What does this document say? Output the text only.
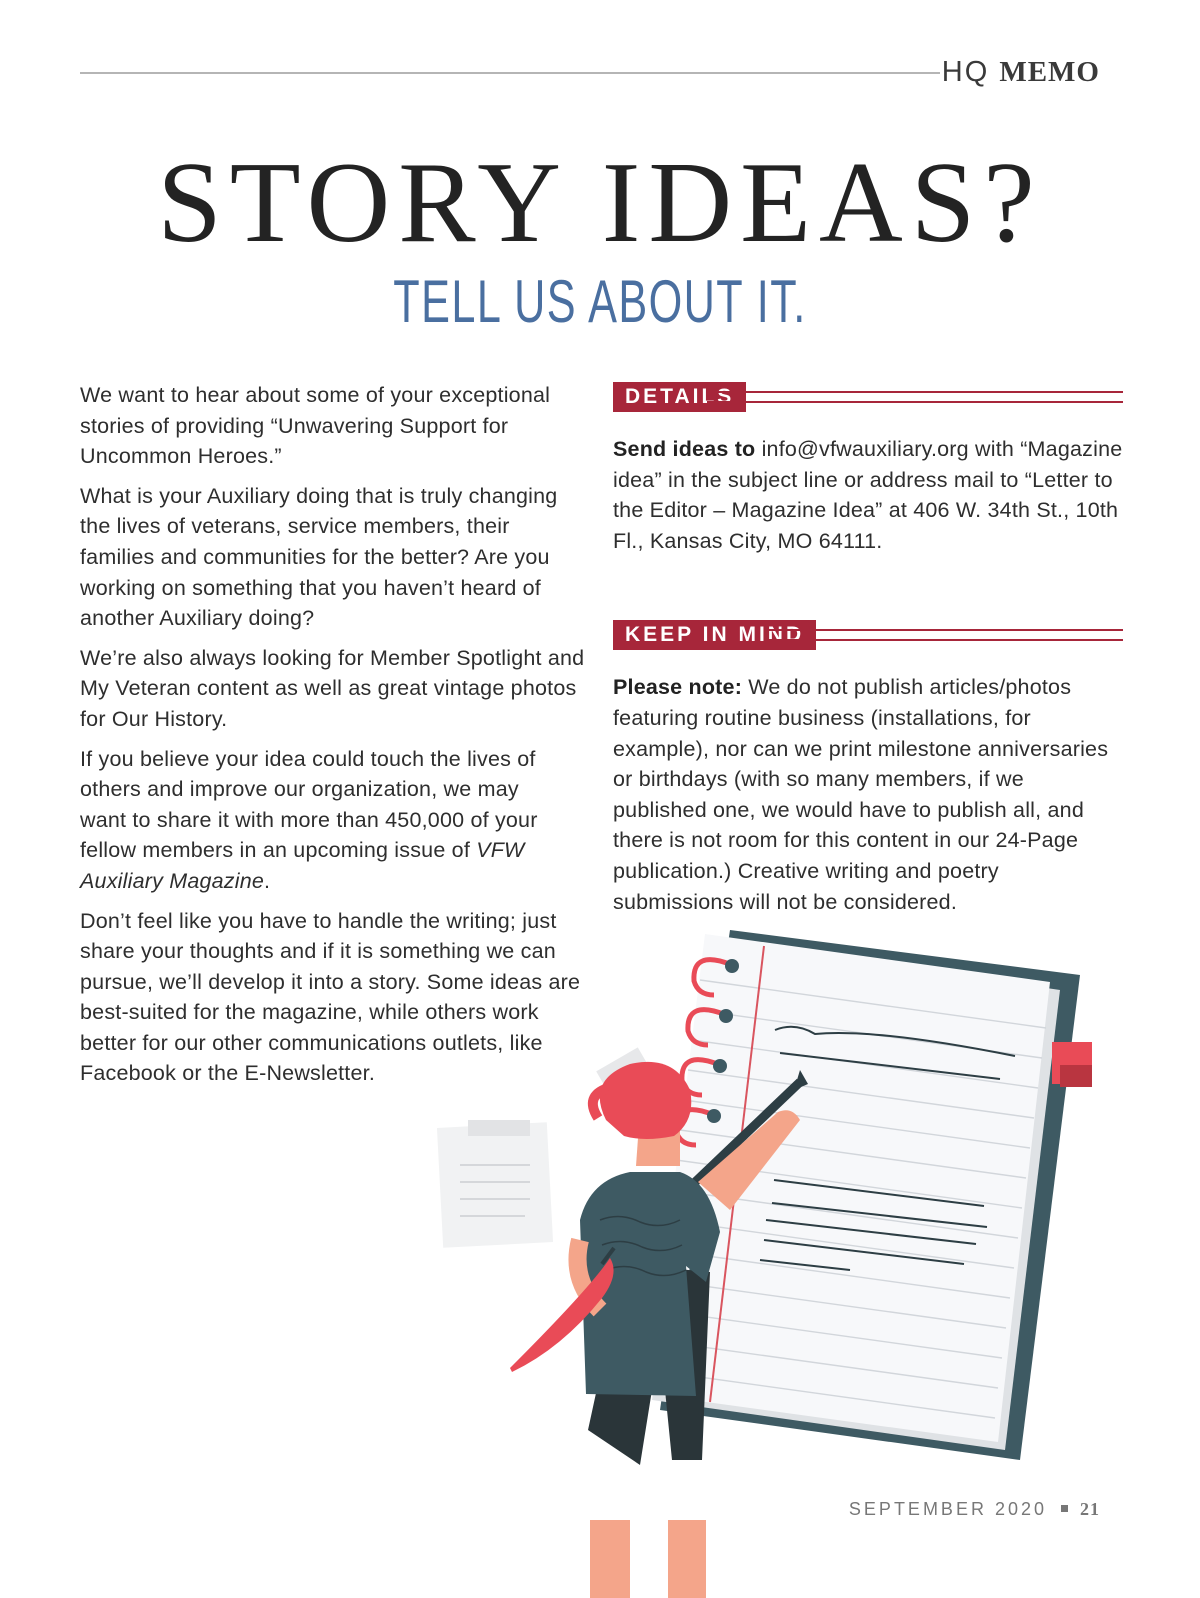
HQ MEMO
STORY IDEAS?
TELL US ABOUT IT.

We want to hear about some of your exceptional stories of providing “Unwavering Support for Uncommon Heroes.”

What is your Auxiliary doing that is truly changing the lives of veterans, service members, their families and communities for the better? Are you working on something that you haven’t heard of another Auxiliary doing?

We’re also always looking for Member Spotlight and My Veteran content as well as great vintage photos for Our History.

If you believe your idea could touch the lives of others and improve our organization, we may want to share it with more than 450,000 of your fellow members in an upcoming issue of VFW Auxiliary Magazine.

Don’t feel like you have to handle the writing; just share your thoughts and if it is something we can pursue, we’ll develop it into a story. Some ideas are best-suited for the magazine, while others work better for our other communications outlets, like Facebook or the E-Newsletter.

DETAILS

Send ideas to info@vfwauxiliary.org with “Magazine idea” in the subject line or address mail to “Letter to the Editor – Magazine Idea” at 406 W. 34th St., 10th Fl., Kansas City, MO 64111.

KEEP IN MIND

Please note: We do not publish articles/photos featuring routine business (installations, for example), nor can we print milestone anniversaries or birthdays (with so many members, if we published one, we would have to publish all, and there is not room for this content in our 24-Page publication.) Creative writing and poetry submissions will not be considered.

SEPTEMBER 2020 21
